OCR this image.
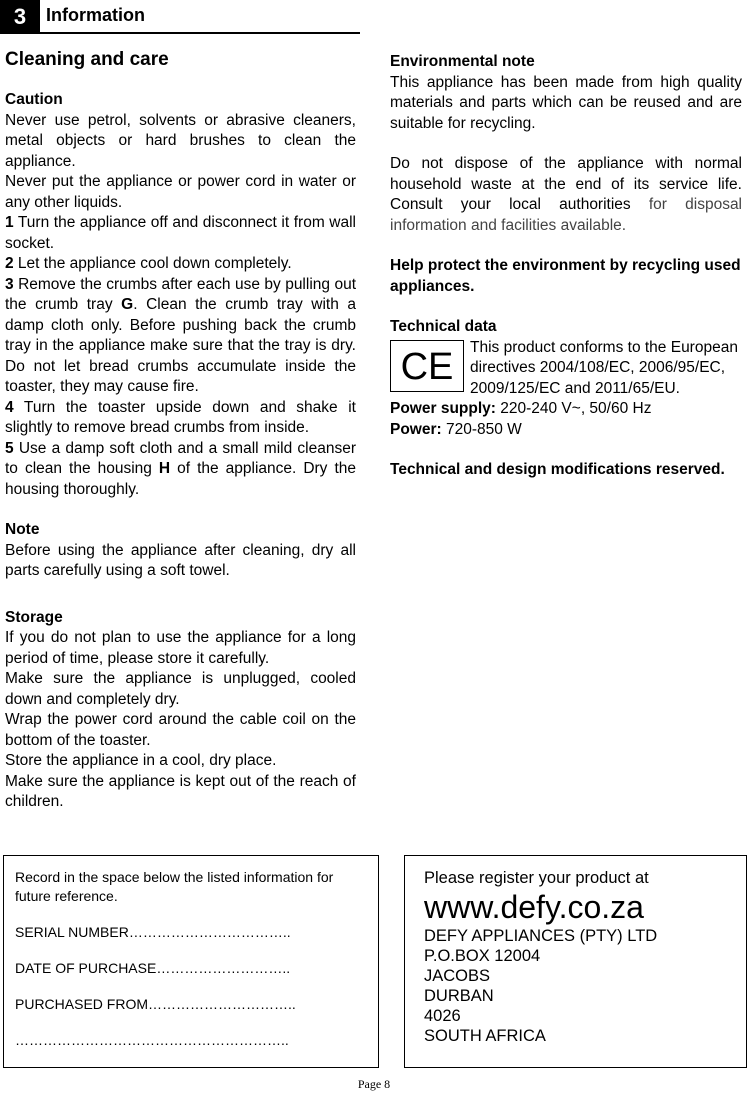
3	Information
Cleaning and care
Caution

Never use petrol, solvents or abrasive cleaners, metal objects or hard brushes to clean the appliance.

Never put the appliance or power cord in water or any other liquids.

1 Turn the appliance off and disconnect it from wall socket.

2 Let the appliance cool down completely.

3 Remove the crumbs after each use by pulling out the crumb tray G. Clean the crumb tray with a damp cloth only. Before pushing back the crumb tray in the appliance make sure that the tray is dry. Do not let bread crumbs accumulate inside the toaster, they may cause fire.

4 Turn the toaster upside down and shake it slightly to remove bread crumbs from inside.

5 Use a damp soft cloth and a small mild cleanser to clean the housing H of the appliance. Dry the housing thoroughly.

Note

Before using the appliance after cleaning, dry all parts carefully using a soft towel.

Storage

If you do not plan to use the appliance for a long period of time, please store it carefully.

Make sure the appliance is unplugged, cooled down and completely dry.

Wrap the power cord around the cable coil on the bottom of the toaster.

Store the appliance in a cool, dry place.

Make sure the appliance is kept out of the reach of children.

Environmental note

This appliance has been made from high quality materials and parts which can be reused and are suitable for recycling.

Do not dispose of the appliance with normal household waste at the end of its service life. Consult your local authorities for disposal information and facilities available.

Help protect the environment by recycling used appliances.
Technical data
CE	This product conforms to the European directives 2004/108/EC, 2006/95/EC, 2009/125/EC and 2011/65/EU.

Power supply: 220-240 V~, 50/60 Hz

Power: 720-850 W

Technical and design modifications reserved.

Record in the space below the listed information for future reference.

SERIAL NUMBER……………………………..

DATE OF PURCHASE………………………..

PURCHASED FROM…………………………..

…………………………………………………..

Please register your product at

www.defy.co.za

DEFY APPLIANCES (PTY) LTD

P.O.BOX 12004

JACOBS

DURBAN

4026

SOUTH AFRICA

Page 8
